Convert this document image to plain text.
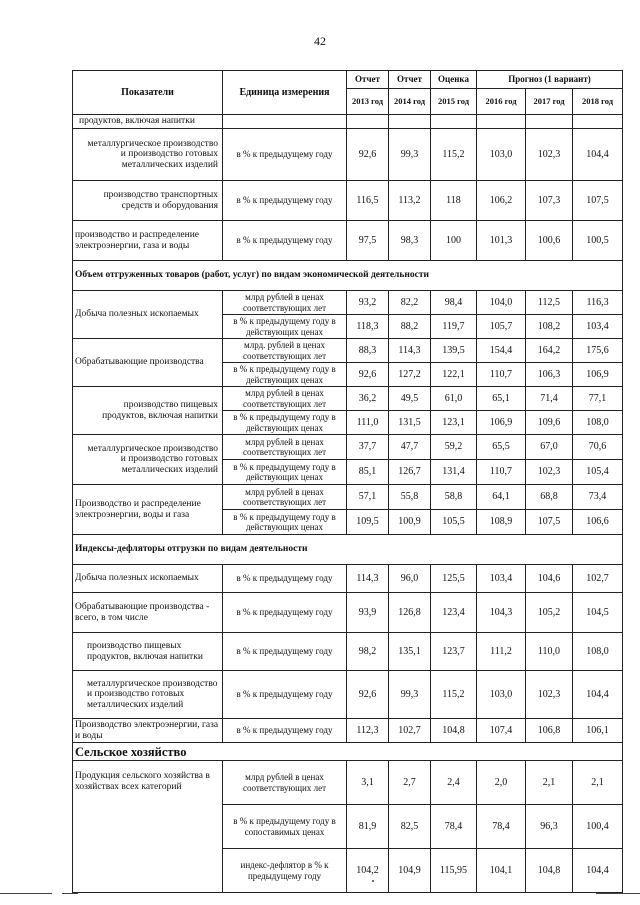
42
Показатели	Единица измерения	Отчет	Отчет	Оценка	Прогноз (1 вариант)		
		2013 год	2014 год	2015 год	2016 год	2017 год	2018 год
продуктов, включая напитки							
металлургическое производство и производство готовых металлических изделий	в % к предыдущему году	92,6	99,3	115,2	103,0	102,3	104,4
производство транспортных средств и оборудования	в % к предыдущему году	116,5	113,2	118	106,2	107,3	107,5
производство и распределение электроэнергии, газа и воды	в % к предыдущему году	97,5	98,3	100	101,3	100,6	100,5
Объем отгруженных товаров (работ, услуг) по видам экономической деятельности							
Добыча полезных ископаемых	млрд рублей в ценах соответствующих лет	93,2	82,2	98,4	104,0	112,5	116,3
	в % к предыдущему году в действующих ценах	118,3	88,2	119,7	105,7	108,2	103,4
Обрабатывающие производства	млрд. рублей в ценах соответствующих лет	88,3	114,3	139,5	154,4	164,2	175,6
	в % к предыдущему году в действующих ценах	92,6	127,2	122,1	110,7	106,3	106,9
производство пищевых продуктов, включая напитки	млрд рублей в ценах соответствующих лет	36,2	49,5	61,0	65,1	71,4	77,1
	в % к предыдущему году в действующих ценах	111,0	131,5	123,1	106,9	109,6	108,0
металлургическое производство и производство готовых металлических изделий	млрд рублей в ценах соответствующих лет	37,7	47,7	59,2	65,5	67,0	70,6
	в % к предыдущему году в действующих ценах	85,1	126,7	131,4	110,7	102,3	105,4
Производство и распределение электроэнергии, воды и газа	млрд рублей в ценах соответствующих лет	57,1	55,8	58,8	64,1	68,8	73,4
	в % к предыдущему году в действующих ценах	109,5	100,9	105,5	108,9	107,5	106,6
Индексы-дефляторы отгрузки по видам деятельности							
Добыча полезных ископаемых	в % к предыдущему году	114,3	96,0	125,5	103,4	104,6	102,7
Обрабатывающие производства - всего, в том числе	в % к предыдущему году	93,9	126,8	123,4	104,3	105,2	104,5
производство пищевых продуктов, включая напитки	в % к предыдущему году	98,2	135,1	123,7	111,2	110,0	108,0
металлургическое производство и производство готовых металлических изделий	в % к предыдущему году	92,6	99,3	115,2	103,0	102,3	104,4
Производство электроэнергии, газа и воды	в % к предыдущему году	112,3	102,7	104,8	107,4	106,8	106,1
Сельское хозяйство							
Продукция сельского хозяйства в хозяйствах всех категорий	млрд рублей в ценах соответствующих лет	3,1	2,7	2,4	2,0	2,1	2,1
	в % к предыдущему году в сопоставимых ценах	81,9	82,5	78,4	78,4	96,3	100,4
	индекс-дефлятор в % к предыдущему году	104,2	104,9	115,95	104,1	104,8	104,4
